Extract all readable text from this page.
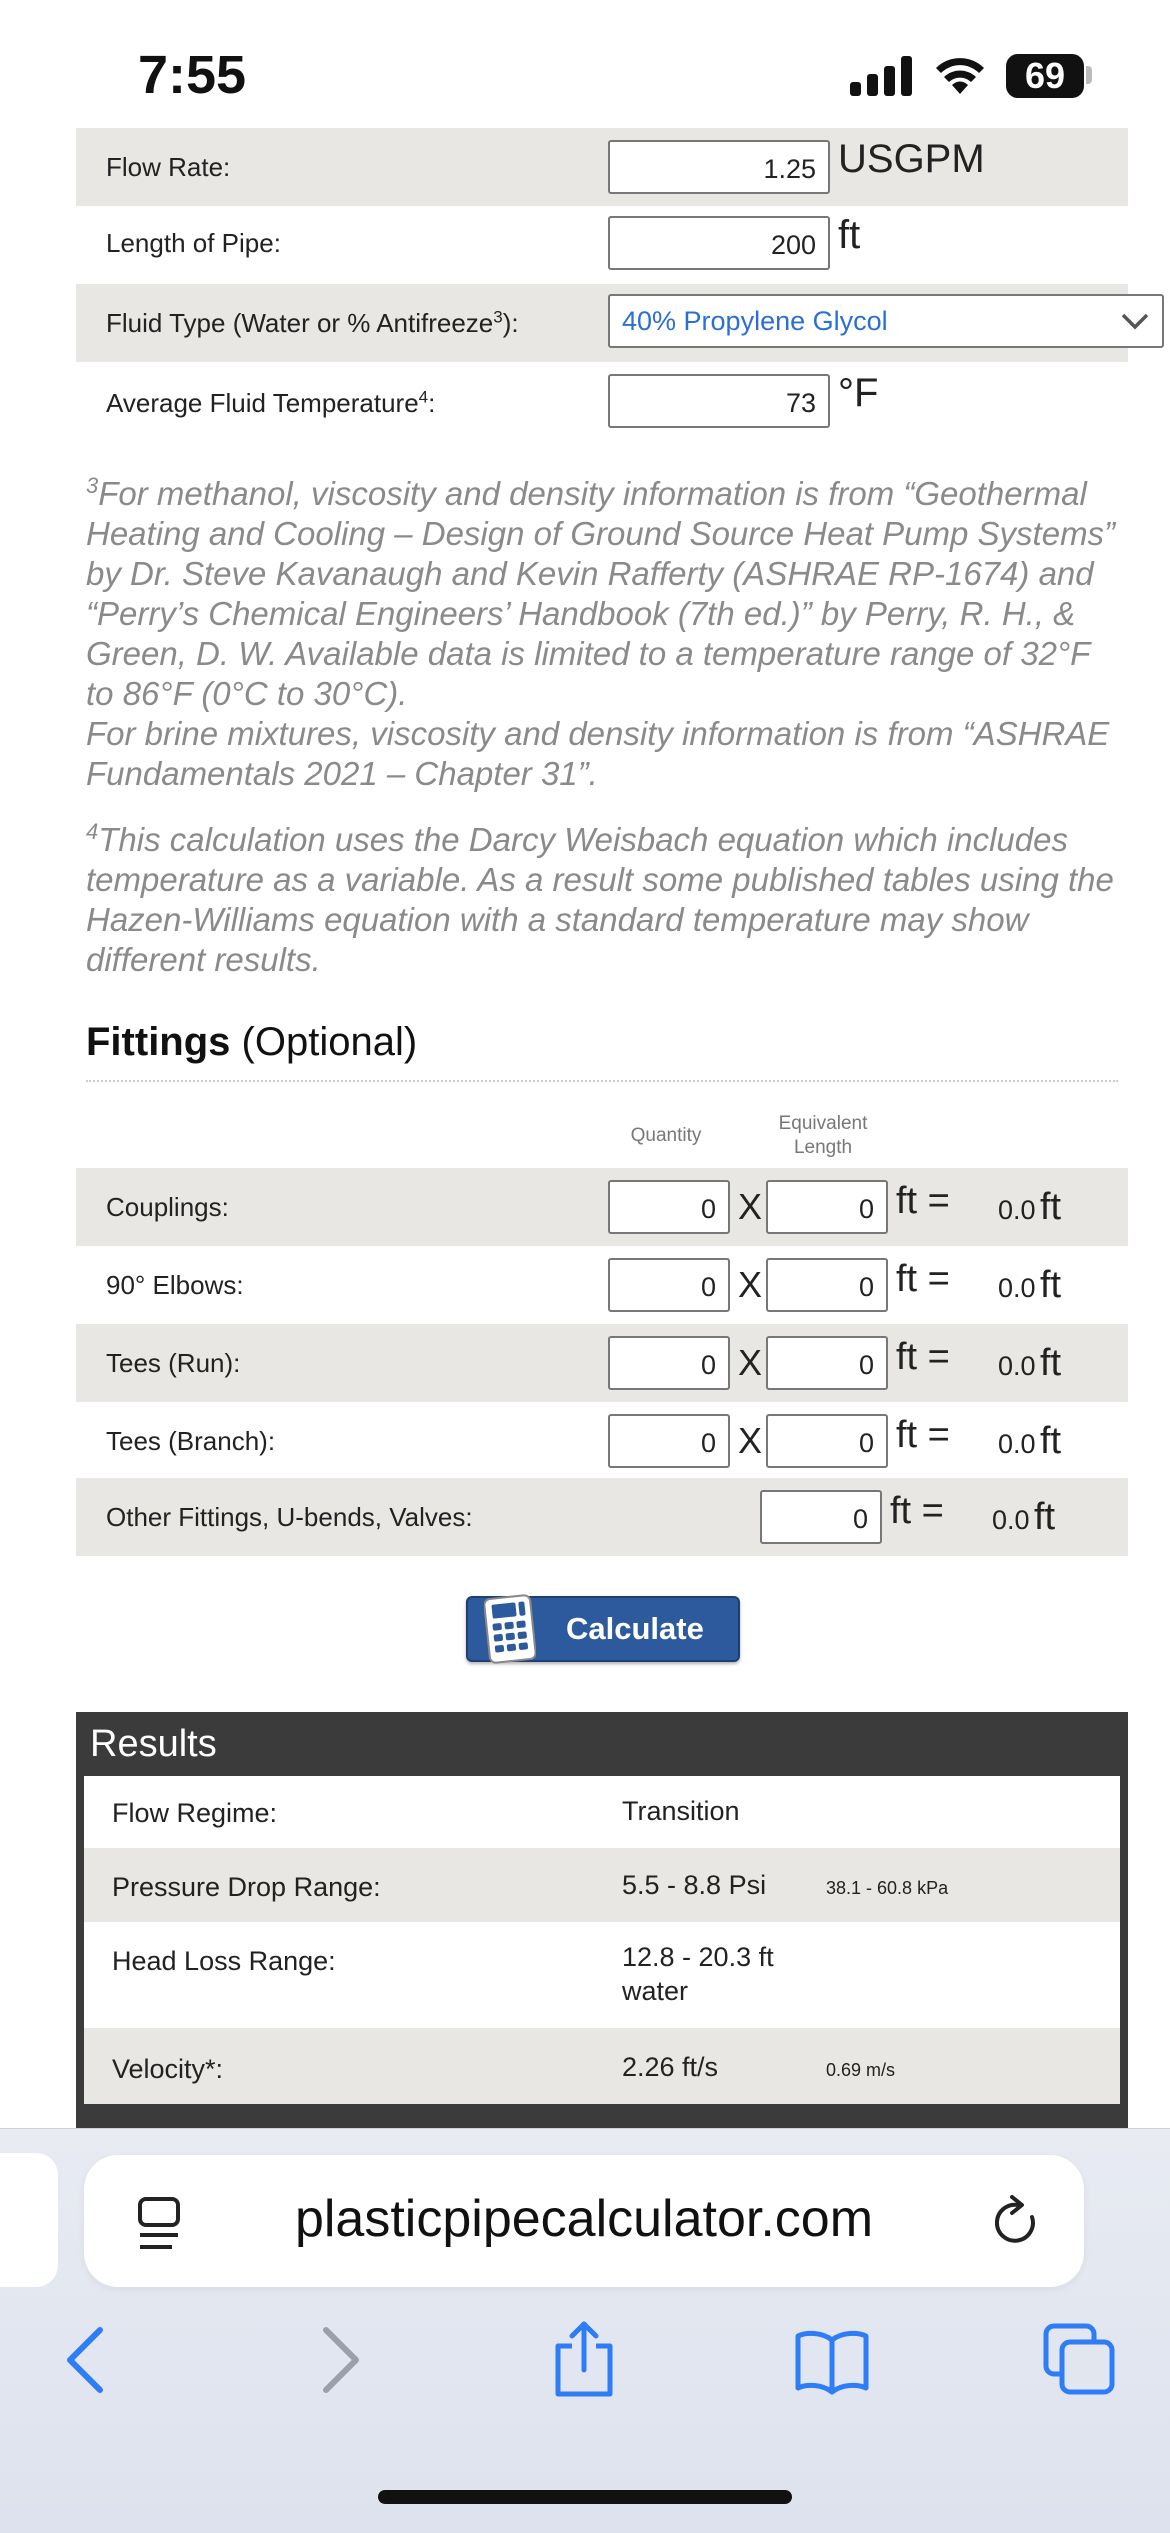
7:55	69
Flow Rate:	1.25 USGPM
Length of Pipe:	200 ft
Fluid Type (Water or % Antifreeze$^3$):	40% Propylene Glycol
Average Fluid Temperature$^4$:	73 °F
$^3$For methanol, viscosity and density information is from “Geothermal Heating and Cooling – Design of Ground Source Heat Pump Systems” by Dr. Steve Kavanaugh and Kevin Rafferty (ASHRAE RP-1674) and “Perry’s Chemical Engineers’ Handbook (7th ed.)” by Perry, R. H., & Green, D. W. Available data is limited to a temperature range of 32°F to 86°F (0°C to 30°C).
For brine mixtures, viscosity and density information is from “ASHRAE Fundamentals 2021 – Chapter 31”.
$^4$This calculation uses the Darcy Weisbach equation which includes temperature as a variable. As a result some published tables using the Hazen-Williams equation with a standard temperature may show different results.
Fittings (Optional)
Quantity
Equivalent Length
Couplings:	0 X	0 ft = 0.0 ft
90° Elbows:	0 X	0 ft = 0.0 ft
Tees (Run):	0 X	0 ft = 0.0 ft
Tees (Branch):	0 X	0 ft = 0.0 ft
Other Fittings, U-bends, Valves:	0 ft = 0.0 ft
Calculate
Results
Flow Regime:	Transition
Pressure Drop Range:	5.5 - 8.8 Psi	38.1 - 60.8 kPa
Head Loss Range:	12.8 - 20.3 ft water
Velocity*:	2.26 ft/s	0.69 m/s
plasticpipecalculator.com
